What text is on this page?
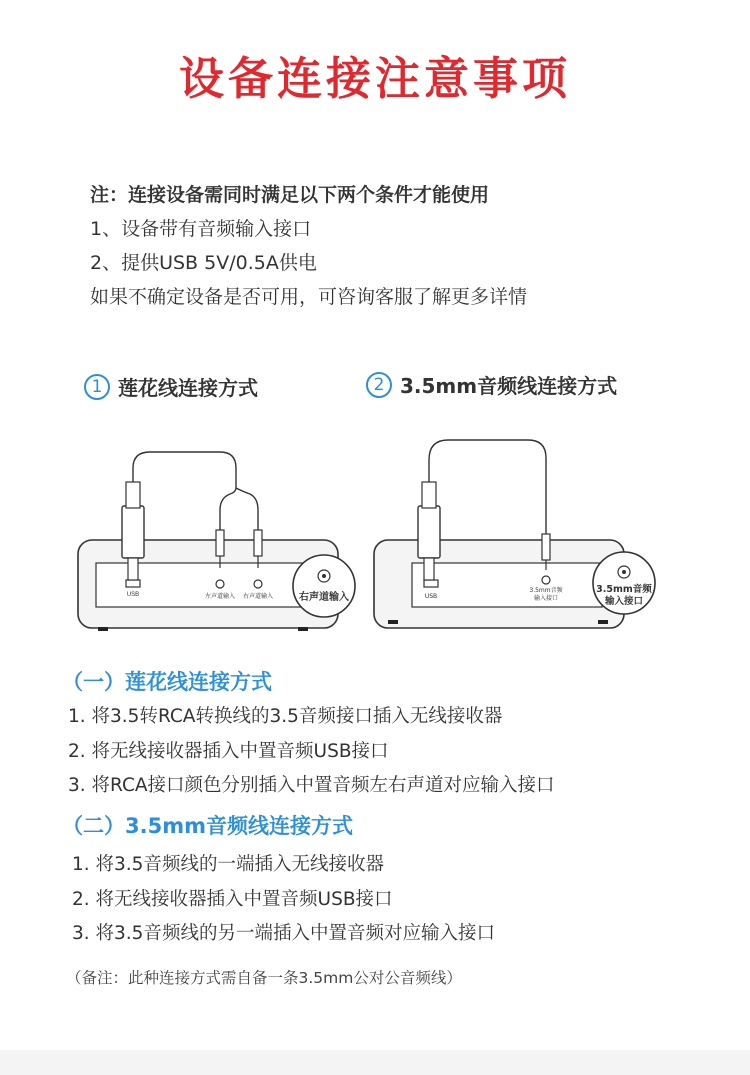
设备连接注意事项
注：连接设备需同时满足以下两个条件才能使用
1、设备带有音频输入接口
2、提供USB 5V/0.5A供电
如果不确定设备是否可用，可咨询客服了解更多详情
1 莲花线连接方式	2 3.5mm音频线连接方式
USB	左声道输入 右声道输入	右声道输入	USB
3.5mm音频
输入接口
3.5mm音频
输入接口
（一）莲花线连接方式
1. 将3.5转RCA转换线的3.5音频接口插入无线接收器
2. 将无线接收器插入中置音频USB接口
3. 将RCA接口颜色分别插入中置音频左右声道对应输入接口
（二）3.5mm音频线连接方式
1. 将3.5音频线的一端插入无线接收器
2. 将无线接收器插入中置音频USB接口
3. 将3.5音频线的另一端插入中置音频对应输入接口
（备注：此种连接方式需自备一条3.5mm公对公音频线）
